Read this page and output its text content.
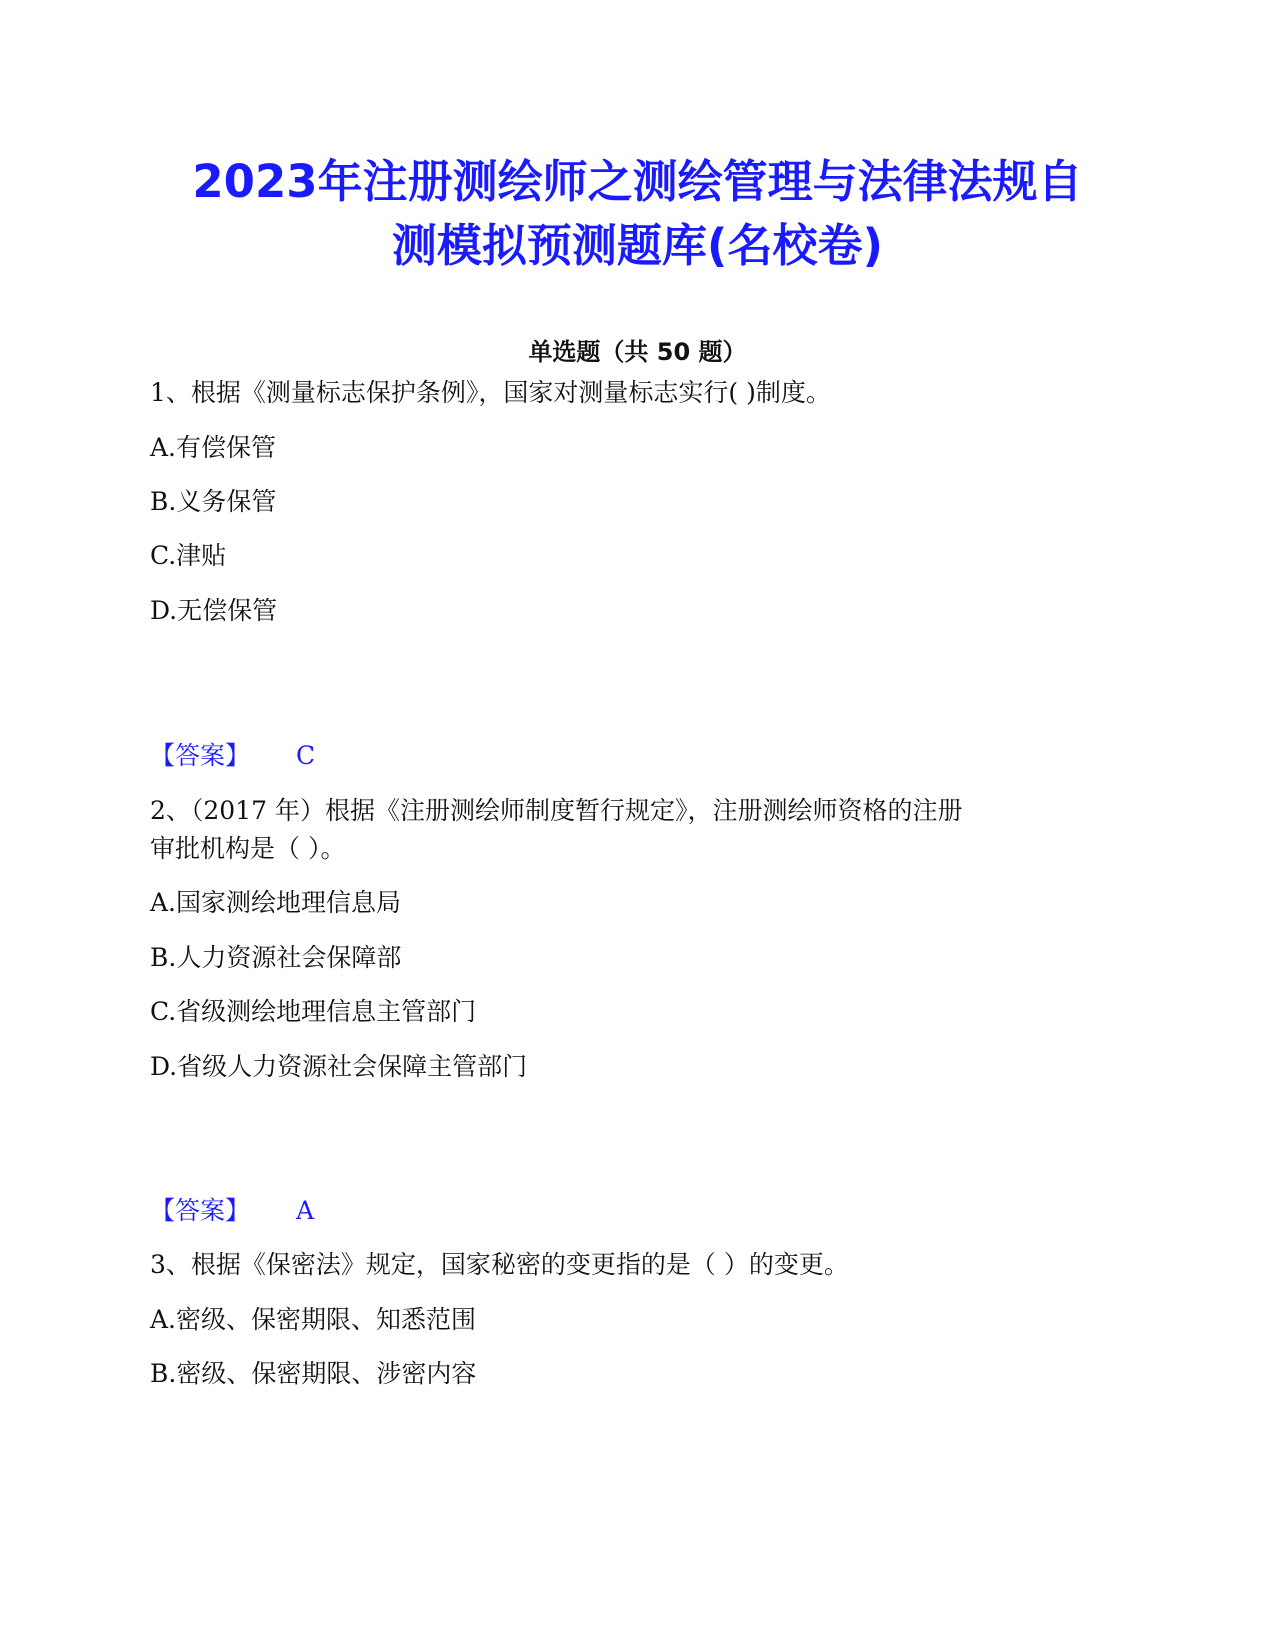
2023年注册测绘师之测绘管理与法律法规自
测模拟预测题库(名校卷)
单选题（共 50 题）
1、根据《测量标志保护条例》，国家对测量标志实行( )制度。
A.有偿保管
B.义务保管
C.津贴
D.无偿保管
【答案】 C
2、（2017 年）根据《注册测绘师制度暂行规定》，注册测绘师资格的注册
审批机构是（ ）。
A.国家测绘地理信息局
B.人力资源社会保障部
C.省级测绘地理信息主管部门
D.省级人力资源社会保障主管部门
【答案】 A
3、根据《保密法》规定，国家秘密的变更指的是（ ）的变更。
A.密级、保密期限、知悉范围
B.密级、保密期限、涉密内容
